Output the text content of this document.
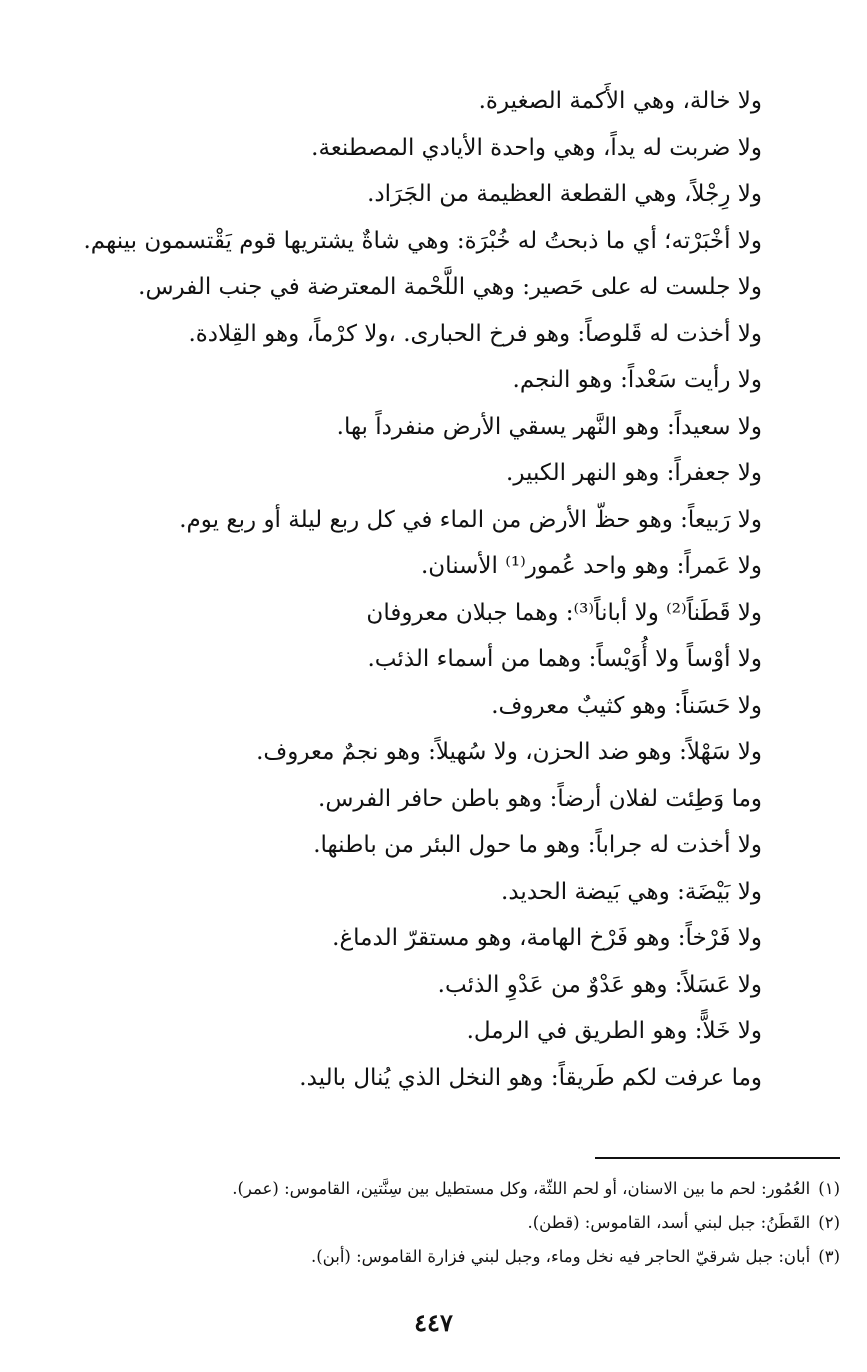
ولا خالة، وهي الأَكمة الصغيرة.
ولا ضربت له يداً، وهي واحدة الأيادي المصطنعة.
ولا رِجْلاً، وهي القطعة العظيمة من الجَرَاد.
ولا أخْبَرْته؛ أي ما ذبحتُ له خُبْرَة: وهي شاةٌ يشتريها قوم يَقْتسمون بينهم.
ولا جلست له على حَصير: وهي اللَّحْمة المعترضة في جنب الفرس.
ولا أخذت له قَلوصاً: وهو فرخ الحبارى. ،ولا كرْماً، وهو القِلادة.
ولا رأيت سَعْداً: وهو النجم.
ولا سعيداً: وهو النَّهر يسقي الأرض منفرداً بها.
ولا جعفراً: وهو النهر الكبير.
ولا رَبيعاً: وهو حظّ الأرض من الماء في كل ربع ليلة أو ربع يوم.
ولا عَمراً: وهو واحد عُمور⁽¹⁾ الأسنان.
ولا قَطَناً⁽²⁾ ولا أباناً⁽³⁾: وهما جبلان معروفان
ولا أوْساً ولا أُوَيْساً: وهما من أسماء الذئب.
ولا حَسَناً: وهو كثيبٌ معروف.
ولا سَهْلاً: وهو ضد الحزن، ولا سُهيلاً: وهو نجمٌ معروف.
وما وَطِئت لفلان أرضاً: وهو باطن حافر الفرس.
ولا أخذت له جراباً: وهو ما حول البئر من باطنها.
ولا بَيْضَة: وهي بَيضة الحديد.
ولا فَرْخاً: وهو فَرْخ الهامة، وهو مستقرّ الدماغ.
ولا عَسَلاً: وهو عَدْوٌ من عَدْوِ الذئب.
ولا خَلاًّ: وهو الطريق في الرمل.
وما عرفت لكم طَريقاً: وهو النخل الذي يُنال باليد.
(١)العُمُور: لحم ما بين الاسنان، أو لحم اللثّة، وكل مستطيل بين سِنَّتين، القاموس: (عمر).
(٢)القَطَنُ: جبل لبني أسد، القاموس: (قطن).
(٣)أبان: جبل شرقيّ الحاجر فيه نخل وماء، وجبل لبني فزارة القاموس: (أبن).
٤٤٧
